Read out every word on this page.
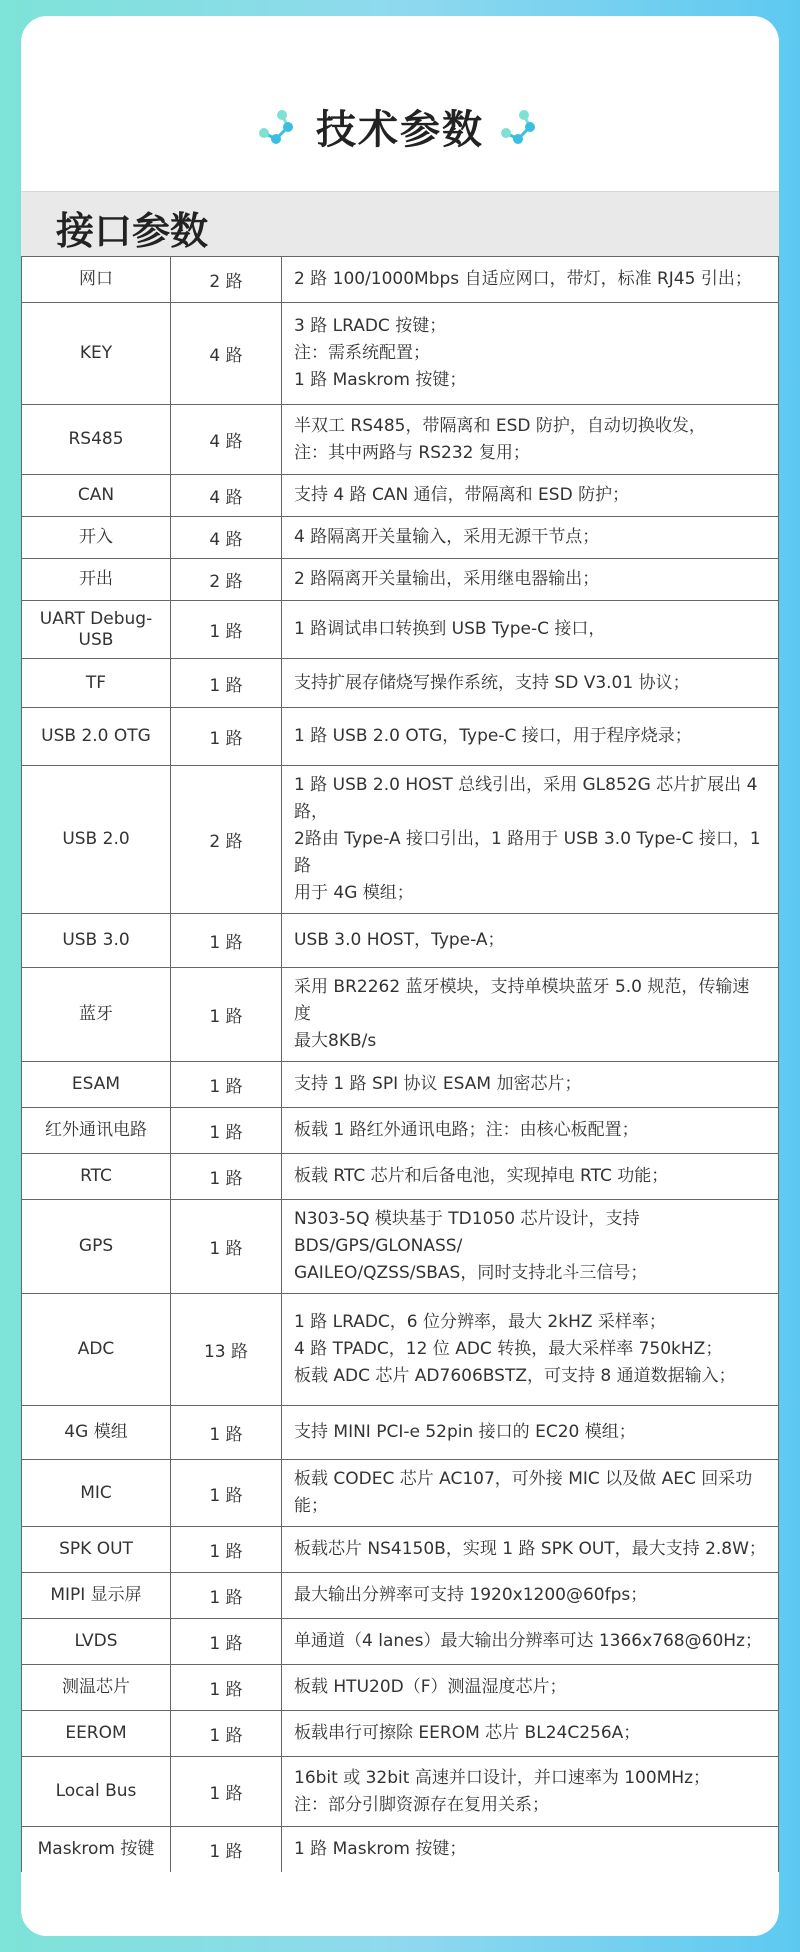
技术参数
接口参数
网口	2 路	2 路 100/1000Mbps 自适应网口，带灯，标准 RJ45 引出；

KEY	4 路	3 路 LRADC 按键；
注：需系统配置；
1 路 Maskrom 按键；

RS485	4 路	半双工 RS485，带隔离和 ESD 防护，自动切换收发，
注：其中两路与 RS232 复用；

CAN	4 路	支持 4 路 CAN 通信，带隔离和 ESD 防护；

开入	4 路	4 路隔离开关量输入，采用无源干节点；

开出	2 路	2 路隔离开关量输出，采用继电器输出；

UART Debug-USB	1 路	1 路调试串口转换到 USB Type-C 接口，

TF	1 路	支持扩展存储烧写操作系统，支持 SD V3.01 协议；

USB 2.0 OTG	1 路	1 路 USB 2.0 OTG，Type-C 接口，用于程序烧录；

USB 2.0	2 路	1 路 USB 2.0 HOST 总线引出，采用 GL852G 芯片扩展出 4 路，
2路由 Type-A 接口引出，1 路用于 USB 3.0 Type-C 接口，1 路
用于 4G 模组；

USB 3.0	1 路	USB 3.0 HOST，Type-A；

蓝牙	1 路	采用 BR2262 蓝牙模块，支持单模块蓝牙 5.0 规范，传输速度
最大8KB/s

ESAM	1 路	支持 1 路 SPI 协议 ESAM 加密芯片；

红外通讯电路	1 路	板载 1 路红外通讯电路；注：由核心板配置；

RTC	1 路	板载 RTC 芯片和后备电池，实现掉电 RTC 功能；

GPS	1 路	N303-5Q 模块基于 TD1050 芯片设计，支持 BDS/GPS/GLONASS/
GAILEO/QZSS/SBAS，同时支持北斗三信号；

ADC	13 路	1 路 LRADC，6 位分辨率，最大 2kHZ 采样率；
4 路 TPADC，12 位 ADC 转换，最大采样率 750kHZ；
板载 ADC 芯片 AD7606BSTZ，可支持 8 通道数据输入；

4G 模组	1 路	支持 MINI PCI-e 52pin 接口的 EC20 模组；

MIC	1 路	板载 CODEC 芯片 AC107，可外接 MIC 以及做 AEC 回采功能；

SPK OUT	1 路	板载芯片 NS4150B，实现 1 路 SPK OUT，最大支持 2.8W；

MIPI 显示屏	1 路	最大输出分辨率可支持 1920x1200@60fps；

LVDS	1 路	单通道（4 lanes）最大输出分辨率可达 1366x768@60Hz；

测温芯片	1 路	板载 HTU20D（F）测温湿度芯片；

EEROM	1 路	板载串行可擦除 EEROM 芯片 BL24C256A；

Local Bus	1 路	16bit 或 32bit 高速并口设计，并口速率为 100MHz；
注：部分引脚资源存在复用关系；

Maskrom 按键	1 路	1 路 Maskrom 按键；
